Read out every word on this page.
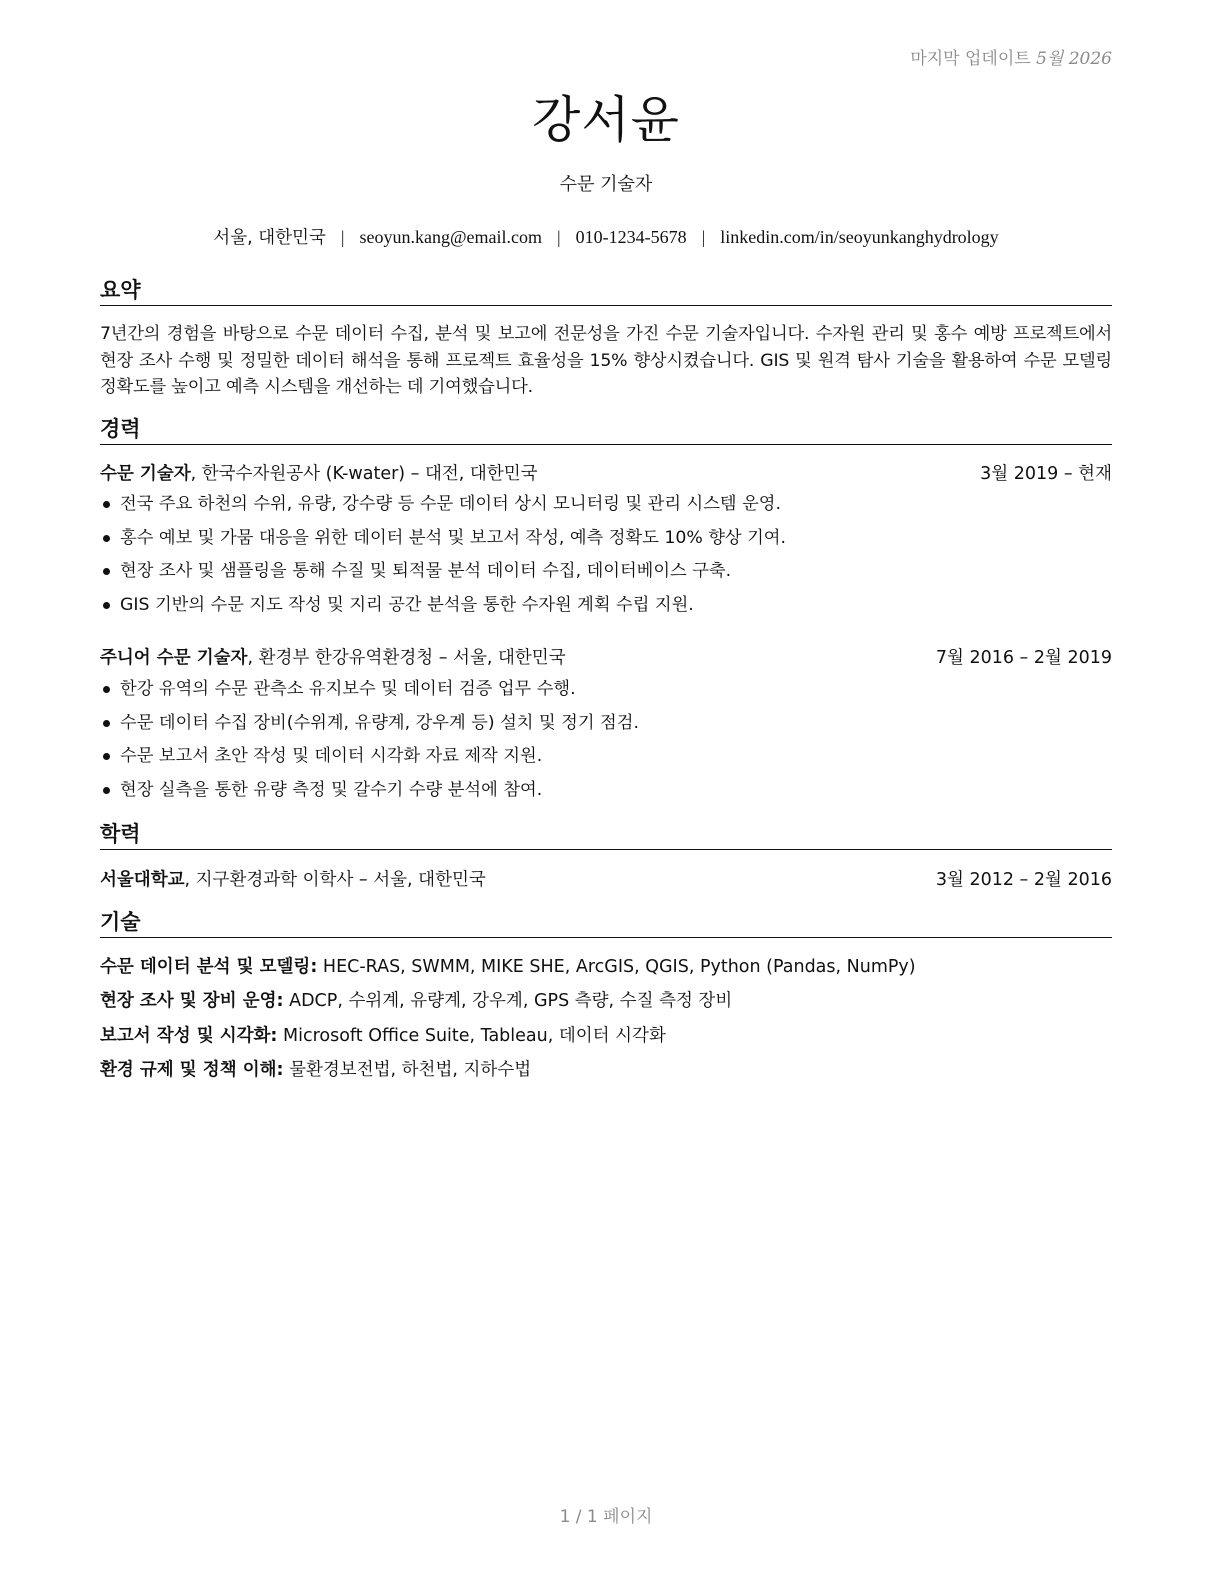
마지막 업데이트 5월 2026
강서윤
수문 기술자
서울, 대한민국 | seoyun.kang@email.com | 010-1234-5678 | linkedin.com/in/seoyunkanghydrology
요약
7년간의 경험을 바탕으로 수문 데이터 수집, 분석 및 보고에 전문성을 가진 수문 기술자입니다. 수자원 관리 및 홍수 예방 프로젝트에서 현장 조사 수행 및 정밀한 데이터 해석을 통해 프로젝트 효율성을 15% 향상시켰습니다. GIS 및 원격 탐사 기술을 활용하여 수문 모델링 정확도를 높이고 예측 시스템을 개선하는 데 기여했습니다.
경력
수문 기술자, 한국수자원공사 (K-water) – 대전, 대한민국	3월 2019 – 현재
전국 주요 하천의 수위, 유량, 강수량 등 수문 데이터 상시 모니터링 및 관리 시스템 운영.
홍수 예보 및 가뭄 대응을 위한 데이터 분석 및 보고서 작성, 예측 정확도 10% 향상 기여.
현장 조사 및 샘플링을 통해 수질 및 퇴적물 분석 데이터 수집, 데이터베이스 구축.
GIS 기반의 수문 지도 작성 및 지리 공간 분석을 통한 수자원 계획 수립 지원.
주니어 수문 기술자, 환경부 한강유역환경청 – 서울, 대한민국	7월 2016 – 2월 2019
한강 유역의 수문 관측소 유지보수 및 데이터 검증 업무 수행.
수문 데이터 수집 장비(수위계, 유량계, 강우계 등) 설치 및 정기 점검.
수문 보고서 초안 작성 및 데이터 시각화 자료 제작 지원.
현장 실측을 통한 유량 측정 및 갈수기 수량 분석에 참여.
학력
서울대학교, 지구환경과학 이학사 – 서울, 대한민국	3월 2012 – 2월 2016
기술
수문 데이터 분석 및 모델링: HEC-RAS, SWMM, MIKE SHE, ArcGIS, QGIS, Python (Pandas, NumPy)
현장 조사 및 장비 운영: ADCP, 수위계, 유량계, 강우계, GPS 측량, 수질 측정 장비
보고서 작성 및 시각화: Microsoft Office Suite, Tableau, 데이터 시각화
환경 규제 및 정책 이해: 물환경보전법, 하천법, 지하수법
1 / 1 페이지
